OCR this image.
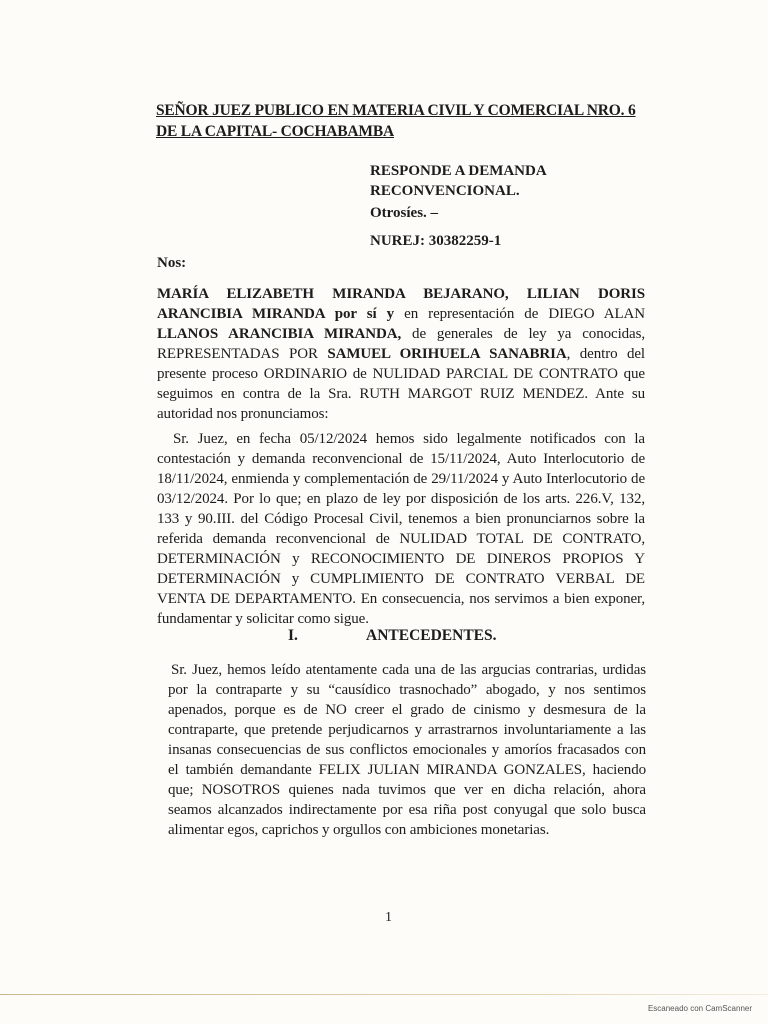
SEÑOR JUEZ PUBLICO EN MATERIA CIVIL Y COMERCIAL NRO. 6 DE LA CAPITAL- COCHABAMBA
RESPONDE A DEMANDA RECONVENCIONAL.
Otrosíes. –
NUREJ: 30382259-1
Nos:
MARÍA ELIZABETH MIRANDA BEJARANO, LILIAN DORIS ARANCIBIA MIRANDA por sí y en representación de DIEGO ALAN LLANOS ARANCIBIA MIRANDA, de generales de ley ya conocidas, REPRESENTADAS POR SAMUEL ORIHUELA SANABRIA, dentro del presente proceso ORDINARIO de NULIDAD PARCIAL DE CONTRATO que seguimos en contra de la Sra. RUTH MARGOT RUIZ MENDEZ. Ante su autoridad nos pronunciamos:
Sr. Juez, en fecha 05/12/2024 hemos sido legalmente notificados con la contestación y demanda reconvencional de 15/11/2024, Auto Interlocutorio de 18/11/2024, enmienda y complementación de 29/11/2024 y Auto Interlocutorio de 03/12/2024. Por lo que; en plazo de ley por disposición de los arts. 226.V, 132, 133 y 90.III. del Código Procesal Civil, tenemos a bien pronunciarnos sobre la referida demanda reconvencional de NULIDAD TOTAL DE CONTRATO, DETERMINACIÓN y RECONOCIMIENTO DE DINEROS PROPIOS Y DETERMINACIÓN y CUMPLIMIENTO DE CONTRATO VERBAL DE VENTA DE DEPARTAMENTO. En consecuencia, nos servimos a bien exponer, fundamentar y solicitar como sigue.
I.	ANTECEDENTES.
Sr. Juez, hemos leído atentamente cada una de las argucias contrarias, urdidas por la contraparte y su “causídico trasnochado” abogado, y nos sentimos apenados, porque es de NO creer el grado de cinismo y desmesura de la contraparte, que pretende perjudicarnos y arrastrarnos involuntariamente a las insanas consecuencias de sus conflictos emocionales y amoríos fracasados con el también demandante FELIX JULIAN MIRANDA GONZALES, haciendo que; NOSOTROS quienes nada tuvimos que ver en dicha relación, ahora seamos alcanzados indirectamente por esa riña post conyugal que solo busca alimentar egos, caprichos y orgullos con ambiciones monetarias.
1
Escaneado con CamScanner
